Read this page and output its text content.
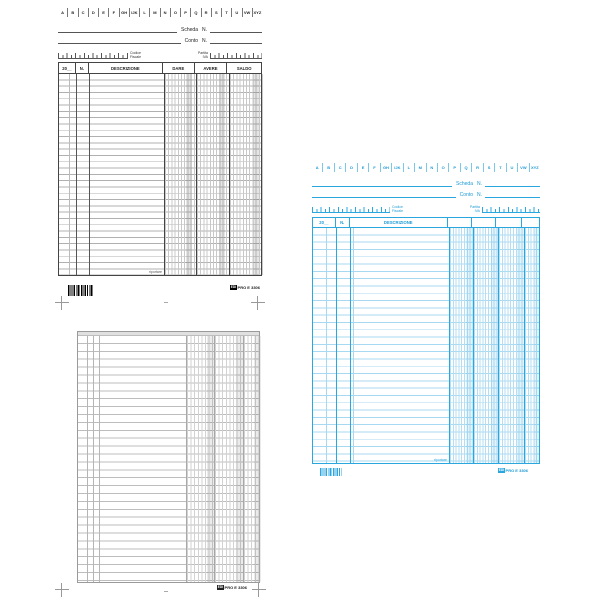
A	B	C	D	E	F	GH	IJK	L	M	N	O	P	Q	R	S	T	U	VW XYZ
Scheda N.
Conto N.
Codice
Fiscale
Partita
IVA
20__	N.	DESCRIZIONE	DARE	AVERE	SALDO
riportare
EDI PRO E 3306
EDI PRO E 3306
A	B	C	D	E	F	GH	IJK	L	M	N	O	P	Q	R	S	T	U	VW	XYZ
Scheda N.
Conto N.
Codice
Fiscale
Partita
IVA
20__	N.	DESCRIZIONE
riportare
EDI PRO E 3306
